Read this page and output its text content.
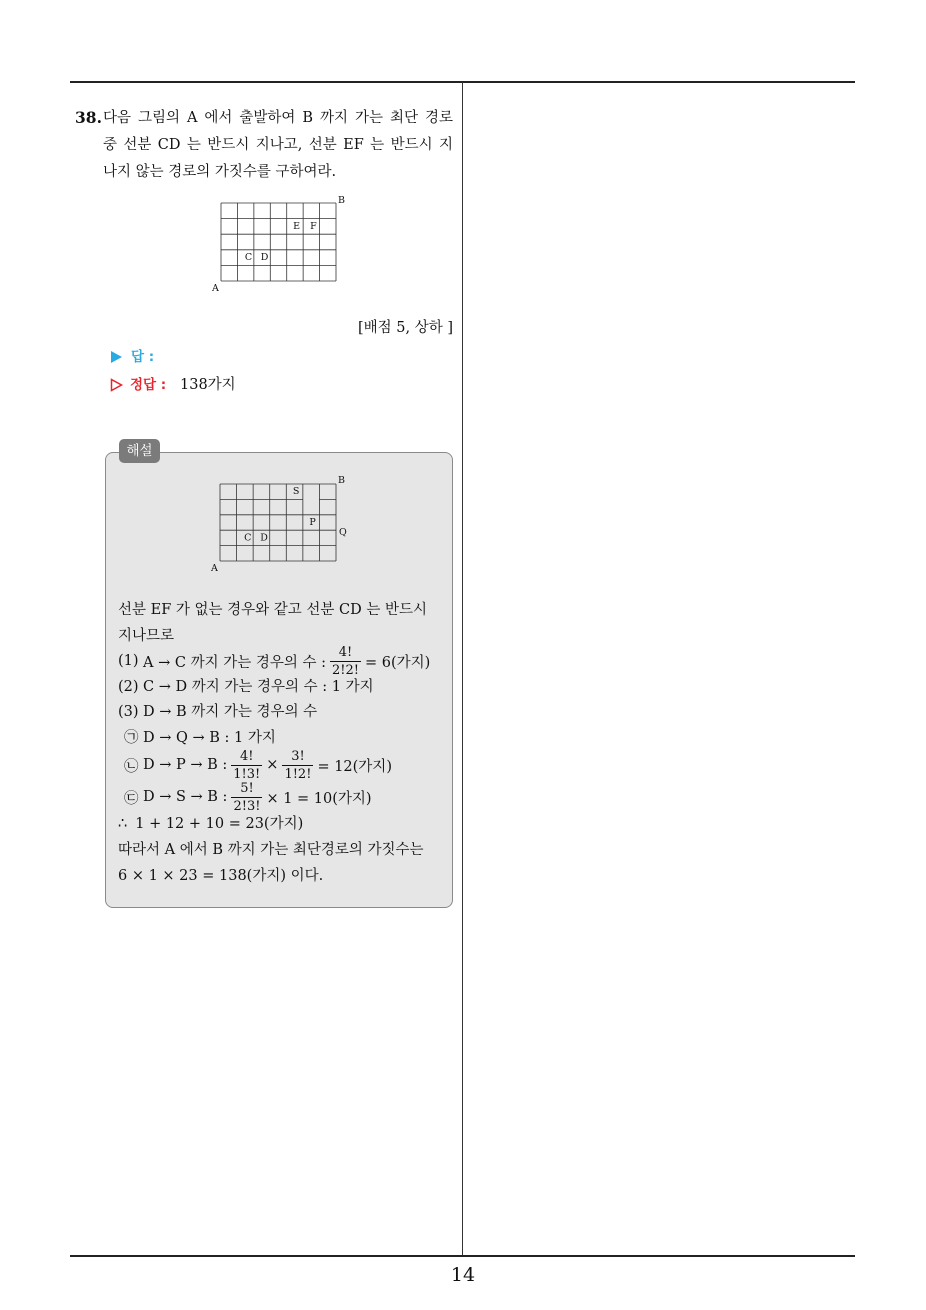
38. 다음 그림의 A 에서 출발하여 B 까지 가는 최단 경로
중 선분 CD 는 반드시 지나고, 선분 EF 는 반드시 지
나지 않는 경로의 가짓수를 구하여라.
B
A
C D
E F
[배점 5, 상하 ]
답 :
정답 : 138가지
해설
B
A
C D
S
P
Q
선분 EF 가 없는 경우와 같고 선분 CD 는 반드시
지나므로
(1) A → C 까지 가는 경우의 수 : $\frac{4!}{2!2!} = 6$(가지)
(2) C → D 까지 가는 경우의 수 : 1 가지
(3) D → B 까지 가는 경우의 수
㉠ D → Q → B : 1 가지
㉡ D → P → B : $\frac{4!}{1!3!} \times \frac{3!}{1!2!} = 12$(가지)
㉢ D → S → B : $\frac{5!}{2!3!} \times 1 = 10$(가지)
∴ 1 + 12 + 10 = 23(가지)
따라서 A 에서 B 까지 가는 최단경로의 가짓수는
6 × 1 × 23 = 138(가지) 이다.
14
